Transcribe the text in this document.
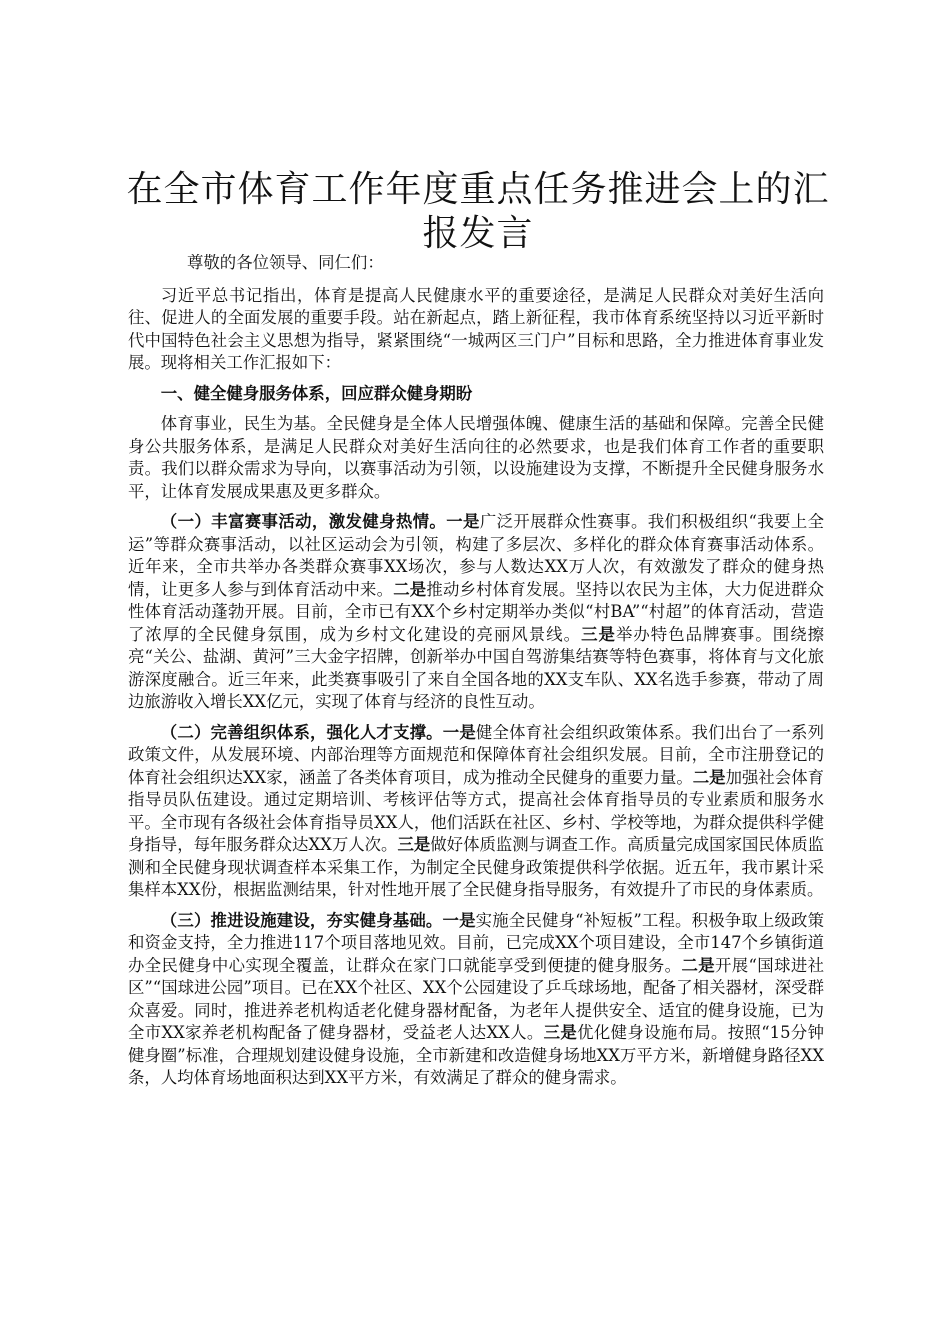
在全市体育工作年度重点任务推进会上的汇报发言

尊敬的各位领导、同仁们：

习近平总书记指出，体育是提高人民健康水平的重要途径，是满足人民群众对美好生活向往、促进人的全面发展的重要手段。站在新起点，踏上新征程，我市体育系统坚持以习近平新时代中国特色社会主义思想为指导，紧紧围绕“一城两区三门户”目标和思路，全力推进体育事业发展。现将相关工作汇报如下：

一、健全健身服务体系，回应群众健身期盼

体育事业，民生为基。全民健身是全体人民增强体魄、健康生活的基础和保障。完善全民健身公共服务体系，是满足人民群众对美好生活向往的必然要求，也是我们体育工作者的重要职责。我们以群众需求为导向，以赛事活动为引领，以设施建设为支撑，不断提升全民健身服务水平，让体育发展成果惠及更多群众。

（一）丰富赛事活动，激发健身热情。一是广泛开展群众性赛事。我们积极组织“我要上全运”等群众赛事活动，以社区运动会为引领，构建了多层次、多样化的群众体育赛事活动体系。近年来，全市共举办各类群众赛事XX场次，参与人数达XX万人次，有效激发了群众的健身热情，让更多人参与到体育活动中来。二是推动乡村体育发展。坚持以农民为主体，大力促进群众性体育活动蓬勃开展。目前，全市已有XX个乡村定期举办类似“村BA”“村超”的体育活动，营造了浓厚的全民健身氛围，成为乡村文化建设的亮丽风景线。三是举办特色品牌赛事。围绕擦亮“关公、盐湖、黄河”三大金字招牌，创新举办中国自驾游集结赛等特色赛事，将体育与文化旅游深度融合。近三年来，此类赛事吸引了来自全国各地的XX支车队、XX名选手参赛，带动了周边旅游收入增长XX亿元，实现了体育与经济的良性互动。

（二）完善组织体系，强化人才支撑。一是健全体育社会组织政策体系。我们出台了一系列政策文件，从发展环境、内部治理等方面规范和保障体育社会组织发展。目前，全市注册登记的体育社会组织达XX家，涵盖了各类体育项目，成为推动全民健身的重要力量。二是加强社会体育指导员队伍建设。通过定期培训、考核评估等方式，提高社会体育指导员的专业素质和服务水平。全市现有各级社会体育指导员XX人，他们活跃在社区、乡村、学校等地，为群众提供科学健身指导，每年服务群众达XX万人次。三是做好体质监测与调查工作。高质量完成国家国民体质监测和全民健身现状调查样本采集工作，为制定全民健身政策提供科学依据。近五年，我市累计采集样本XX份，根据监测结果，针对性地开展了全民健身指导服务，有效提升了市民的身体素质。

（三）推进设施建设，夯实健身基础。一是实施全民健身“补短板”工程。积极争取上级政策和资金支持，全力推进117个项目落地见效。目前，已完成XX个项目建设，全市147个乡镇街道办全民健身中心实现全覆盖，让群众在家门口就能享受到便捷的健身服务。二是开展“国球进社区”“国球进公园”项目。已在XX个社区、XX个公园建设了乒乓球场地，配备了相关器材，深受群众喜爱。同时，推进养老机构适老化健身器材配备，为老年人提供安全、适宜的健身设施，已为全市XX家养老机构配备了健身器材，受益老人达XX人。三是优化健身设施布局。按照“15分钟健身圈”标准，合理规划建设健身设施，全市新建和改造健身场地XX万平方米，新增健身路径XX条，人均体育场地面积达到XX平方米，有效满足了群众的健身需求。
